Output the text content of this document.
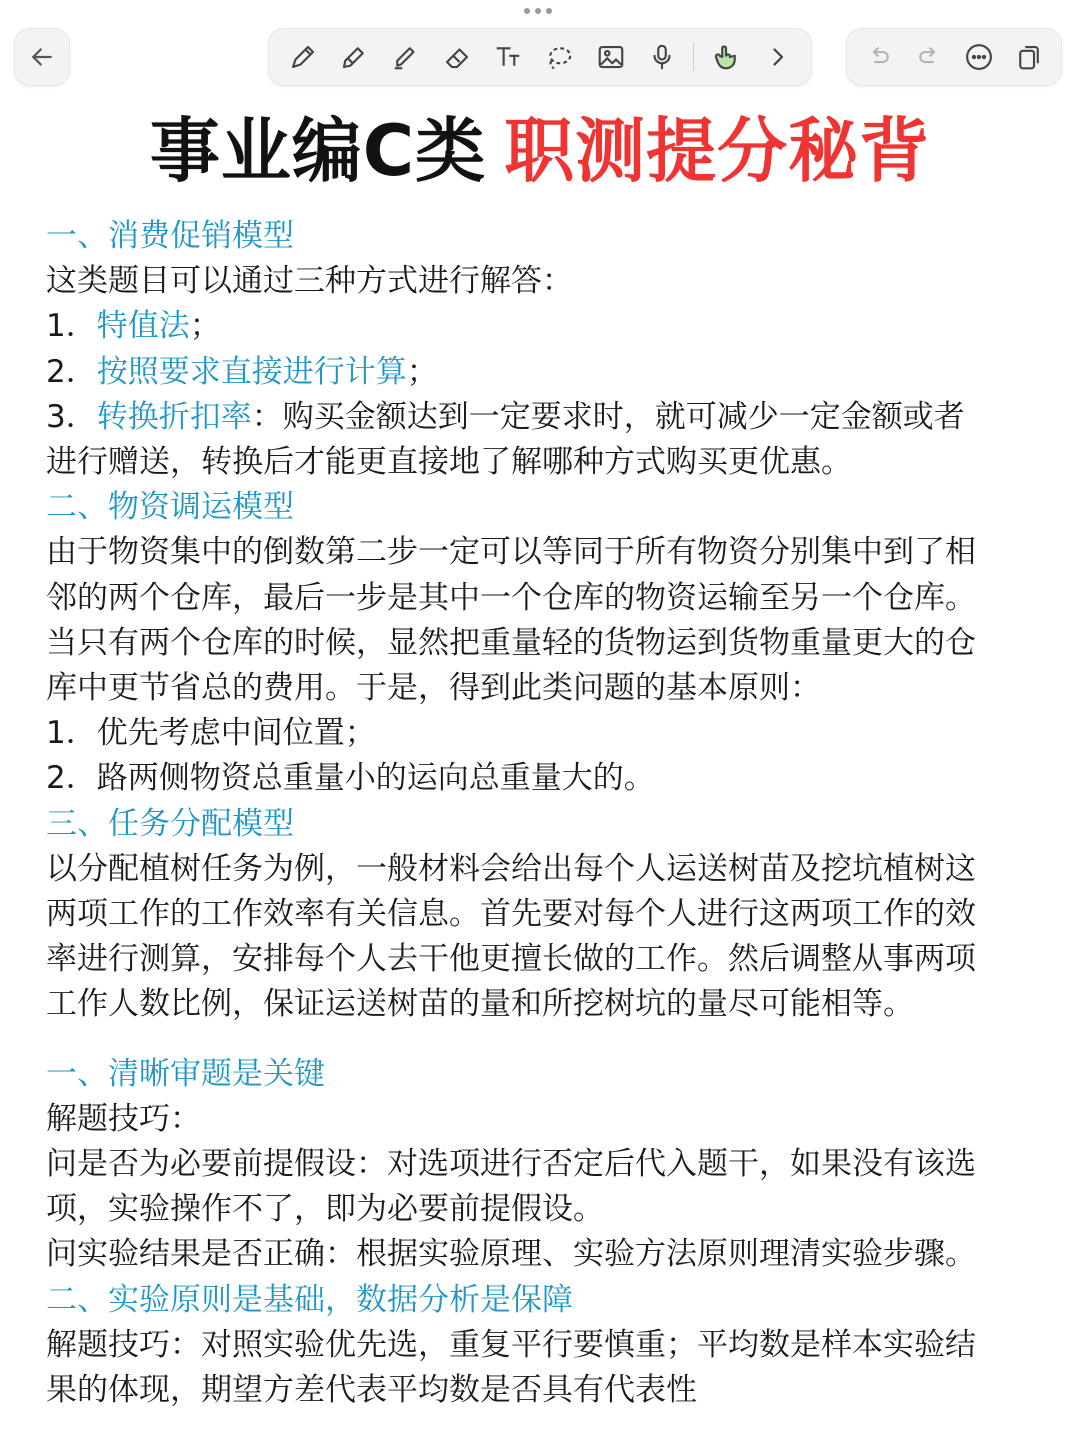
事业编C类 职测提分秘背
一、消费促销模型
这类题目可以通过三种方式进行解答：
1．特值法；
2．按照要求直接进行计算；
3．转换折扣率：购买金额达到一定要求时，就可减少一定金额或者
进行赠送，转换后才能更直接地了解哪种方式购买更优惠。
二、物资调运模型
由于物资集中的倒数第二步一定可以等同于所有物资分别集中到了相
邻的两个仓库，最后一步是其中一个仓库的物资运输至另一个仓库。
当只有两个仓库的时候，显然把重量轻的货物运到货物重量更大的仓
库中更节省总的费用。于是，得到此类问题的基本原则：
1．优先考虑中间位置；
2．路两侧物资总重量小的运向总重量大的。
三、任务分配模型
以分配植树任务为例，一般材料会给出每个人运送树苗及挖坑植树这
两项工作的工作效率有关信息。首先要对每个人进行这两项工作的效
率进行测算，安排每个人去干他更擅长做的工作。然后调整从事两项
工作人数比例，保证运送树苗的量和所挖树坑的量尽可能相等。
一、清晰审题是关键
解题技巧：
问是否为必要前提假设：对选项进行否定后代入题干，如果没有该选
项，实验操作不了，即为必要前提假设。
问实验结果是否正确：根据实验原理、实验方法原则理清实验步骤。
二、实验原则是基础，数据分析是保障
解题技巧：对照实验优先选，重复平行要慎重；平均数是样本实验结
果的体现，期望方差代表平均数是否具有代表性
